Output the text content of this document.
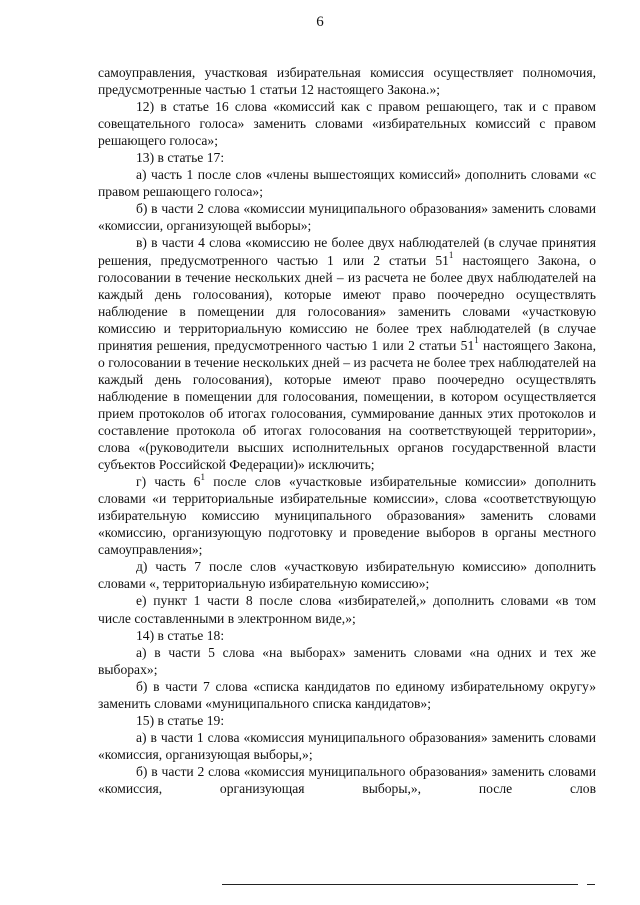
6

самоуправления, участковая избирательная комиссия осуществляет полномочия, предусмотренные частью 1 статьи 12 настоящего Закона.»;

12) в статье 16 слова «комиссий как с правом решающего, так и с правом совещательного голоса» заменить словами «избирательных комиссий с правом решающего голоса»;

13) в статье 17:

а) часть 1 после слов «члены вышестоящих комиссий» дополнить словами «с правом решающего голоса»;

б) в части 2 слова «комиссии муниципального образования» заменить словами «комиссии, организующей выборы»;

в) в части 4 слова «комиссию не более двух наблюдателей (в случае принятия решения, предусмотренного частью 1 или 2 статьи $51^1$ настоящего Закона, о голосовании в течение нескольких дней – из расчета не более двух наблюдателей на каждый день голосования), которые имеют право поочередно осуществлять наблюдение в помещении для голосования» заменить словами «участковую комиссию и территориальную комиссию не более трех наблюдателей (в случае принятия решения, предусмотренного частью 1 или 2 статьи $51^1$ настоящего Закона, о голосовании в течение нескольких дней – из расчета не более трех наблюдателей на каждый день голосования), которые имеют право поочередно осуществлять наблюдение в помещении для голосования, помещении, в котором осуществляется прием протоколов об итогах голосования, суммирование данных этих протоколов и составление протокола об итогах голосования на соответствующей территории», слова «(руководители высших исполнительных органов государственной власти субъектов Российской Федерации)» исключить;

г) часть $6^1$ после слов «участковые избирательные комиссии» дополнить словами «и территориальные избирательные комиссии», слова «соответствующую избирательную комиссию муниципального образования» заменить словами «комиссию, организующую подготовку и проведение выборов в органы местного самоуправления»;

д) часть 7 после слов «участковую избирательную комиссию» дополнить словами «, территориальную избирательную комиссию»;

е) пункт 1 части 8 после слова «избирателей,» дополнить словами «в том числе составленными в электронном виде,»;

14) в статье 18:

а) в части 5 слова «на выборах» заменить словами «на одних и тех же выборах»;

б) в части 7 слова «списка кандидатов по единому избирательному округу» заменить словами «муниципального списка кандидатов»;

15) в статье 19:

а) в части 1 слова «комиссия муниципального образования» заменить словами «комиссия, организующая выборы,»;

б) в части 2 слова «комиссия муниципального образования» заменить словами «комиссия, организующая выборы,», после слов
